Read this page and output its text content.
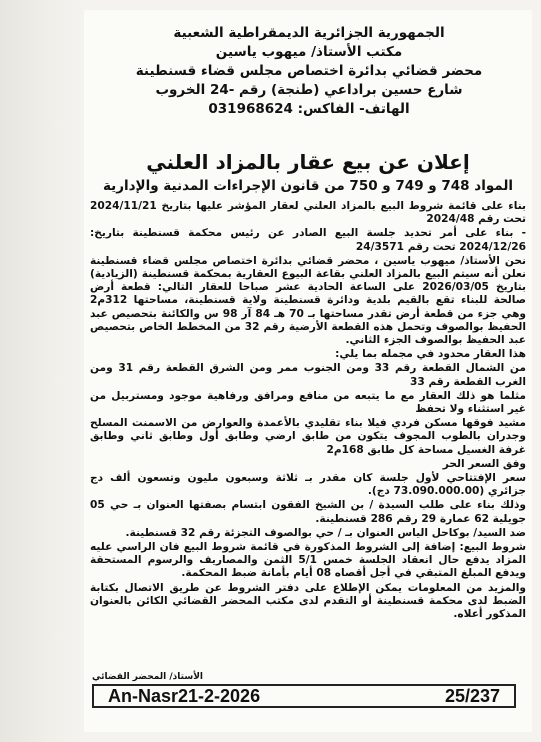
الجمهورية الجزائرية الديمقراطية الشعبية
مكتب الأستاذ/ ميهوب ياسين
محضر قضائي بدائرة اختصاص مجلس قضاء قسنطينة
شارع حسين براداعي (طنجة) رقم -24 الخروب
الهاتف- الفاكس: 031968624
إعلان عن بيع عقار بالمزاد العلني
المواد 748 و 749 و 750 من قانون الإجراءات المدنية والإدارية

بناء على قائمة شروط البيع بالمزاد العلني لعقار المؤشر عليها بتاريخ 2024/11/21 تحت رقم 2024/48

- بناء على أمر تحديد جلسة البيع الصادر عن رئيس محكمة قسنطينة بتاريخ: 2024/12/26 تحت رقم 24/3571

نحن الأستاذ/ ميهوب ياسين ، محضر قضائي بدائرة اختصاص مجلس قضاء قسنطينة نعلن أنه سيتم البيع بالمزاد العلني بقاعة البيوع العقارية بمحكمة قسنطينة (الزيادية) بتاريخ 2026/03/05 على الساعة الحادية عشر صباحا للعقار التالي: قطعة أرض صالحة للبناء تقع بالقيم بلدية ودائرة قسنطينة ولاية قسنطينة، مساحتها 312م2 وهي جزء من قطعة أرض تقدر مساحتها بـ 70 هـ 84 آر 98 س والكائنة بتحصيص عبد الحفيظ بوالصوف وتحمل هذه القطعة الأرضية رقم 32 من المخطط الخاص بتحصيص عبد الحفيظ بوالصوف الجزء الثاني.

هذا العقار محدود في مجمله بما يلي:

من الشمال القطعة رقم 33 ومن الجنوب ممر ومن الشرق القطعة رقم 31 ومن الغرب القطعة رقم 33

مثلما هو ذلك العقار مع ما يتبعه من منافع ومرافق ورفاهية موجود ومستربيل من غير استثناء ولا تحفظ

مشيد فوقها مسكن فردي فيلا بناء تقليدي بالأعمدة والعوارض من الاسمنت المسلح وجدران بالطوب المجوف يتكون من طابق ارضي وطابق أول وطابق ثاني وطابق غرفة الغسيل مساحة كل طابق 168م2

وفق السعر الحر

سعر الإفتتاحي لأول جلسة كان مقدر بـ ثلاثة وسبعون مليون وتسعون ألف دج جزائري (73.090.000.00 دج).

وذلك بناء على طلب السيدة / بن الشيخ الفقون ابتسام بصفتها العنوان بـ حي 05 جويلية 62 عمارة 29 رقم 286 قسنطينة.

ضد السيد/ بوكاحل الياس العنوان بـ / حي بوالصوف التجزئة رقم 32 قسنطينة.

شروط البيع: إضافة إلى الشروط المذكورة في قائمة شروط البيع فان الراسي عليه المزاد يدفع حال انعقاد الجلسة خمس 5/1 الثمن والمصاريف والرسوم المستحقة ويدفع المبلغ المتبقي في أجل أقصاه 08 أيام بأمانة ضبط المحكمة.

والمزيد من المعلومات يمكن الإطلاع على دفتر الشروط عن طريق الاتصال بكتابة الضبط لدى محكمة قسنطينة أو التقدم لدى مكتب المحضر القضائي الكائن بالعنوان المذكور أعلاه.

الأستاذ/ المحضر القضائي
An-Nasr21-2-2026	25/237
